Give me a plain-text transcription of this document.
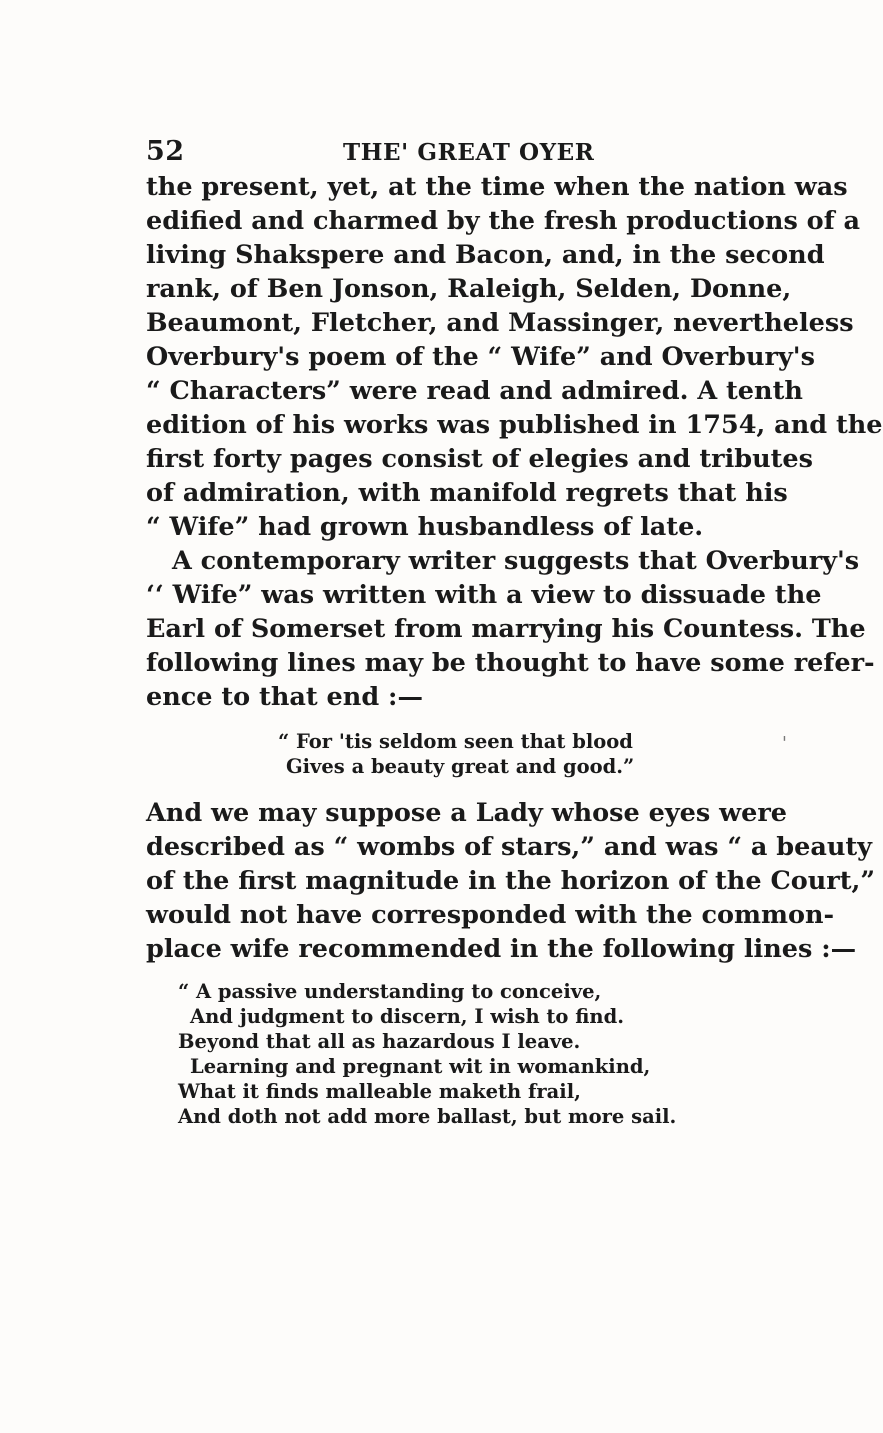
52	THE' GREAT OYER
the present, yet, at the time when the nation was
edified and charmed by the fresh productions of a
living Shakspere and Bacon, and, in the second
rank, of Ben Jonson, Raleigh, Selden, Donne,
Beaumont, Fletcher, and Massinger, nevertheless
Overbury's poem of the “ Wife” and Overbury's
“ Characters” were read and admired. A tenth
edition of his works was published in 1754, and the
first forty pages consist of elegies and tributes
of admiration, with manifold regrets that his
“ Wife” had grown husbandless of late.
A contemporary writer suggests that Overbury's
‘‘ Wife” was written with a view to dissuade the
Earl of Somerset from marrying his Countess. The
following lines may be thought to have some refer-
ence to that end :—
'
“ For 'tis seldom seen that blood
Gives a beauty great and good.”
And we may suppose a Lady whose eyes were
described as “ wombs of stars,” and was “ a beauty
of the first magnitude in the horizon of the Court,”
would not have corresponded with the common-
place wife recommended in the following lines :—
“ A passive understanding to conceive,
And judgment to discern, I wish to find.
Beyond that all as hazardous I leave.
Learning and pregnant wit in womankind,
What it finds malleable maketh frail,
And doth not add more ballast, but more sail.
